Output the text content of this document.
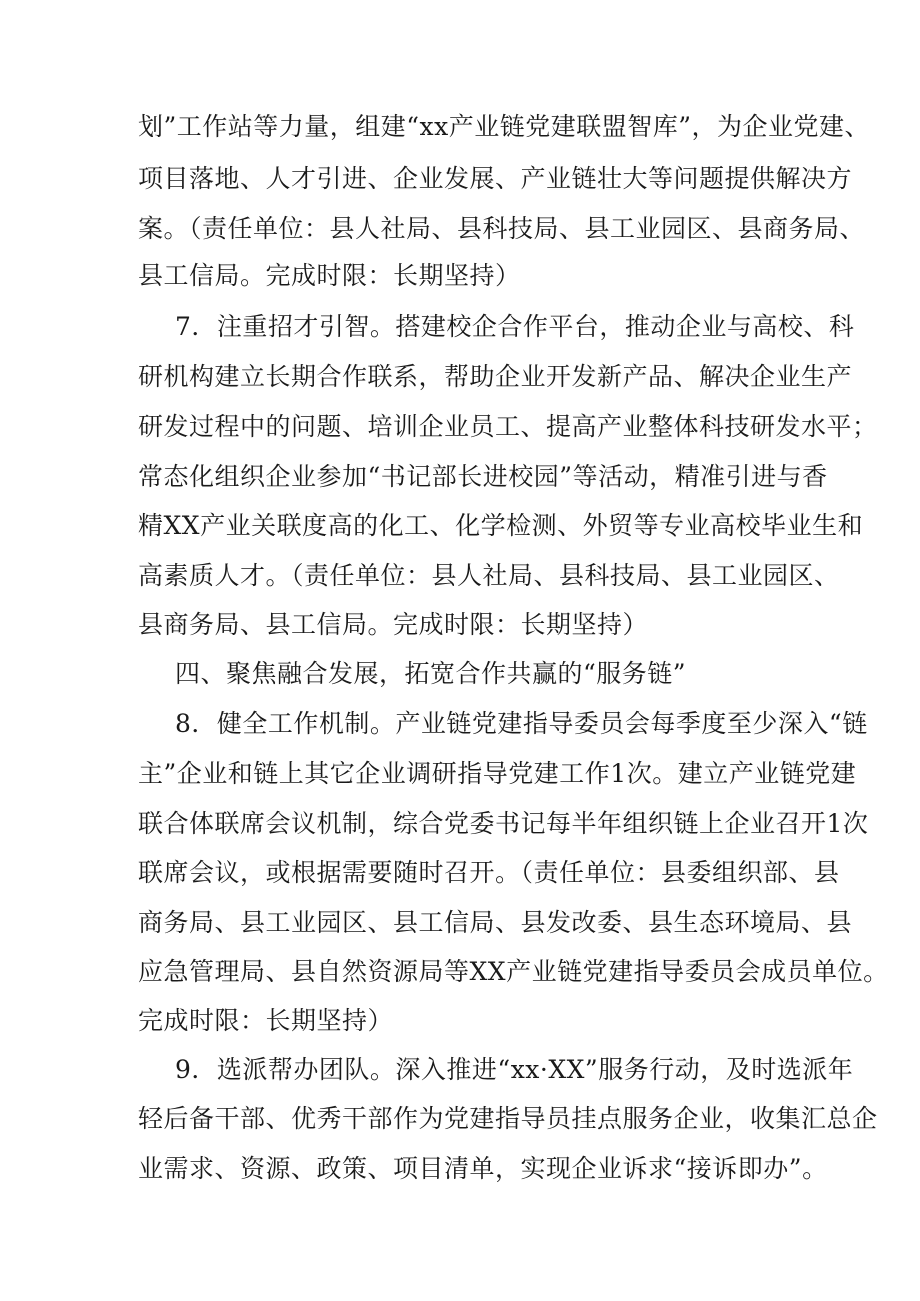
划”工作站等力量，组建“xx产业链党建联盟智库”，为企业党建、
项目落地、人才引进、企业发展、产业链壮大等问题提供解决方
案。（责任单位：县人社局、县科技局、县工业园区、县商务局、
县工信局。完成时限：长期坚持）
7．注重招才引智。搭建校企合作平台，推动企业与高校、科
研机构建立长期合作联系，帮助企业开发新产品、解决企业生产
研发过程中的问题、培训企业员工、提高产业整体科技研发水平；
常态化组织企业参加“书记部长进校园”等活动，精准引进与香
精XX产业关联度高的化工、化学检测、外贸等专业高校毕业生和
高素质人才。（责任单位：县人社局、县科技局、县工业园区、
县商务局、县工信局。完成时限：长期坚持）
四、聚焦融合发展，拓宽合作共赢的“服务链”
8．健全工作机制。产业链党建指导委员会每季度至少深入“链
主”企业和链上其它企业调研指导党建工作1次。建立产业链党建
联合体联席会议机制，综合党委书记每半年组织链上企业召开1次
联席会议，或根据需要随时召开。（责任单位：县委组织部、县
商务局、县工业园区、县工信局、县发改委、县生态环境局、县
应急管理局、县自然资源局等XX产业链党建指导委员会成员单位。
完成时限：长期坚持）
9．选派帮办团队。深入推进“xx·XX”服务行动，及时选派年
轻后备干部、优秀干部作为党建指导员挂点服务企业，收集汇总企
业需求、资源、政策、项目清单，实现企业诉求“接诉即办”。
